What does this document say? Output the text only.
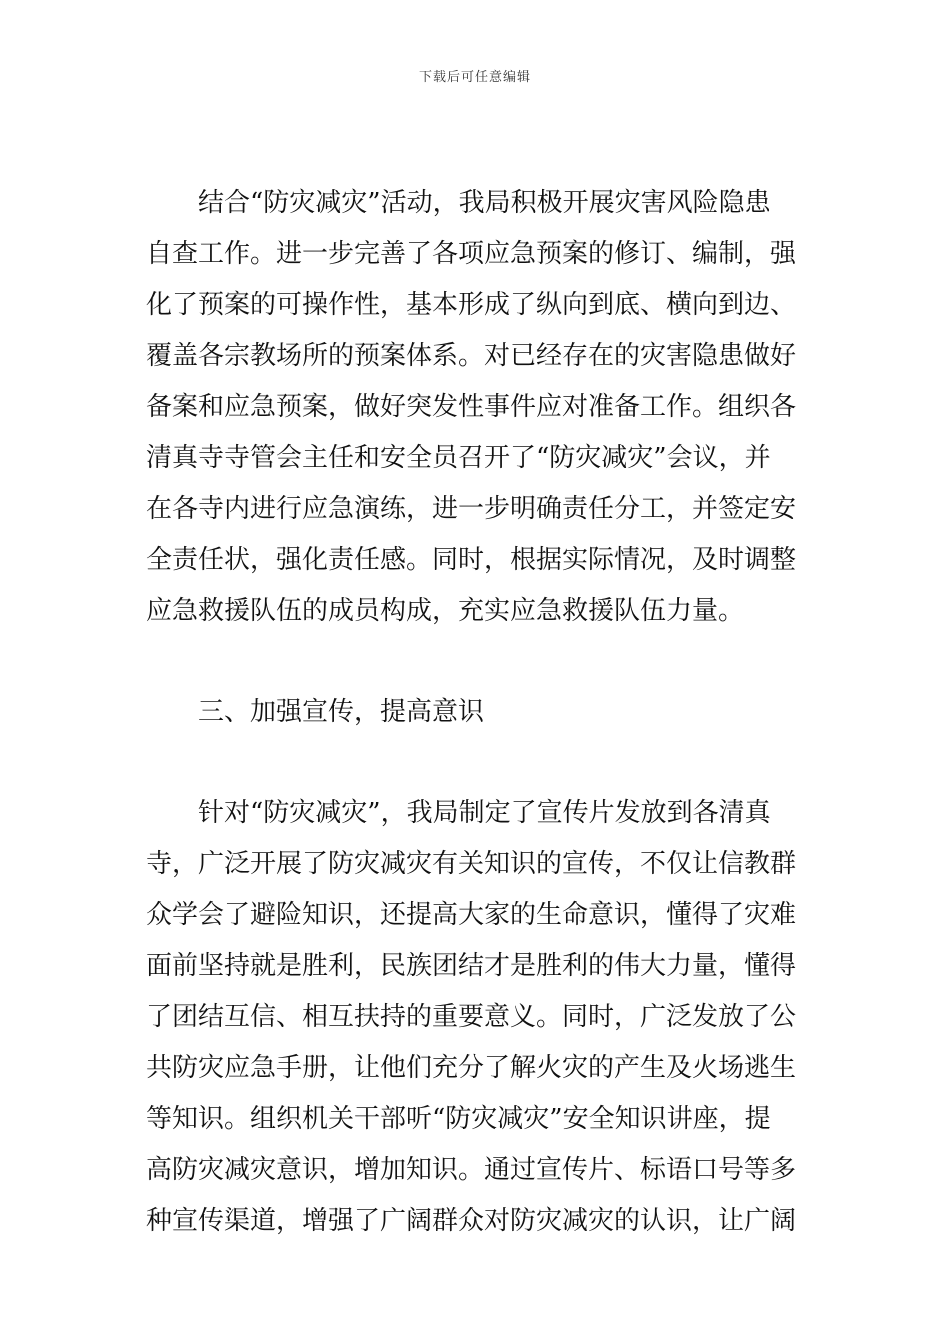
下载后可任意编辑
结合“防灾减灾”活动，我局积极开展灾害风险隐患
自查工作。进一步完善了各项应急预案的修订、编制，强
化了预案的可操作性，基本形成了纵向到底、横向到边、
覆盖各宗教场所的预案体系。对已经存在的灾害隐患做好
备案和应急预案，做好突发性事件应对准备工作。组织各
清真寺寺管会主任和安全员召开了“防灾减灾”会议，并
在各寺内进行应急演练，进一步明确责任分工，并签定安
全责任状，强化责任感。同时，根据实际情况，及时调整
应急救援队伍的成员构成，充实应急救援队伍力量。
三、加强宣传，提高意识
针对“防灾减灾”，我局制定了宣传片发放到各清真
寺，广泛开展了防灾减灾有关知识的宣传，不仅让信教群
众学会了避险知识，还提高大家的生命意识，懂得了灾难
面前坚持就是胜利，民族团结才是胜利的伟大力量，懂得
了团结互信、相互扶持的重要意义。同时，广泛发放了公
共防灾应急手册，让他们充分了解火灾的产生及火场逃生
等知识。组织机关干部听“防灾减灾”安全知识讲座，提
高防灾减灾意识，增加知识。通过宣传片、标语口号等多
种宣传渠道，增强了广阔群众对防灾减灾的认识，让广阔
